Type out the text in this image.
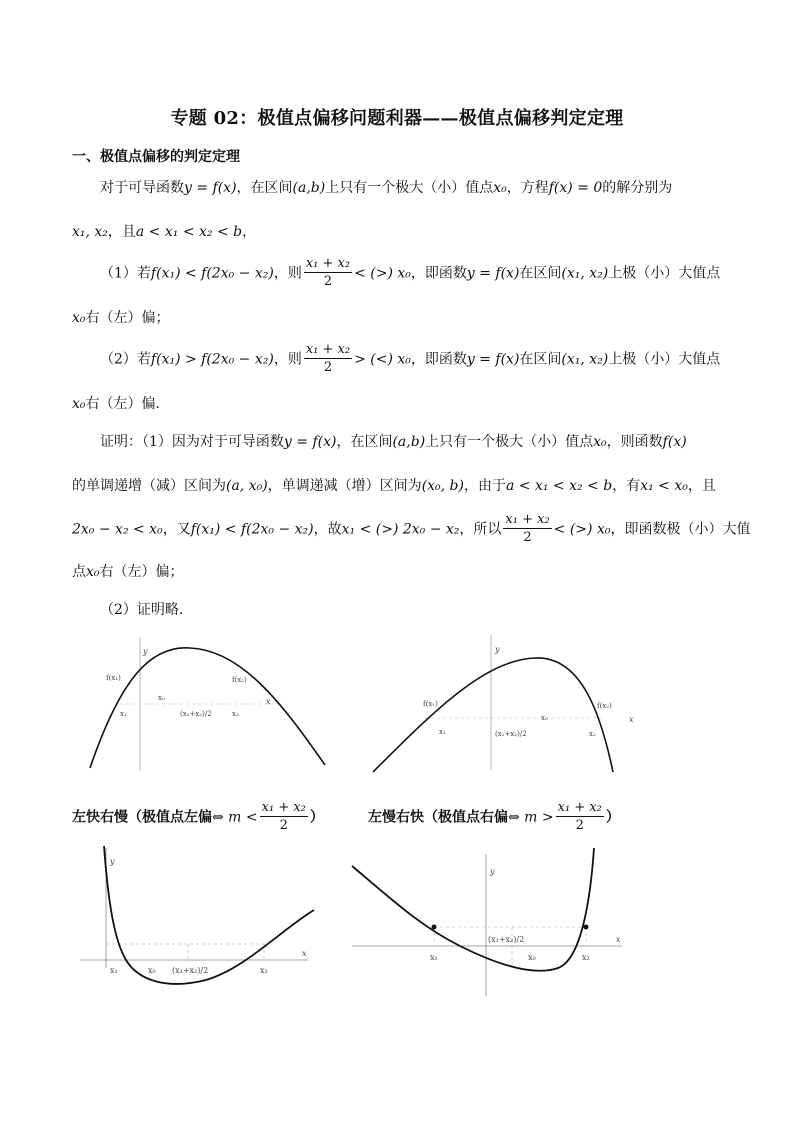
专题 02：极值点偏移问题利器——极值点偏移判定定理
一、极值点偏移的判定定理
对于可导函数y = f(x)，在区间(a,b)上只有一个极大（小）值点x₀，方程f(x) = 0的解分别为
x₁, x₂，且a < x₁ < x₂ < b，
（1）若f(x₁) < f(2x₀ − x₂)，则 $\frac{\text{x₁ + x₂}}{2}$ < (>) x₀，即函数y = f(x)在区间(x₁, x₂)上极（小）大值点
x₀右（左）偏；
（2）若f(x₁) > f(2x₀ − x₂)，则 $\frac{\text{x₁ + x₂}}{2}$ > (<) x₀，即函数y = f(x)在区间(x₁, x₂)上极（小）大值点
x₀右（左）偏.
证明：（1）因为对于可导函数y = f(x)，在区间(a,b)上只有一个极大（小）值点x₀，则函数f(x)
的单调递增（减）区间为(a, x₀)，单调递减（增）区间为(x₀, b)，由于a < x₁ < x₂ < b，有x₁ < x₀，且
2x₀ − x₂ < x₀，又f(x₁) < f(2x₀ − x₂)，故x₁ < (>) 2x₀ − x₂，所以 $\frac{\text{x₁ + x₂}}{2}$ < (>) x₀，即函数极（小）大值
点x₀右（左）偏；
（2）证明略.
y
x
f(x₁)	f(x₂)
x₁
x₀
(x₁+x₂)/2	x₂
y
x
f(x₁)	f(x₂)
x₁
x₀
(x₁+x₂)/2	x₂
左快右慢（极值点左偏⇔ $m < \frac{\text{x₁ + x₂}}{2}$ ）	左慢右快（极值点右偏⇔ $m > \frac{\text{x₁ + x₂}}{2}$ ）
y
x
x₁	x₀ (x₁+x₂)/2	x₂
y
x
x₁	x₀
(x₁+x₂)/2
x₂
